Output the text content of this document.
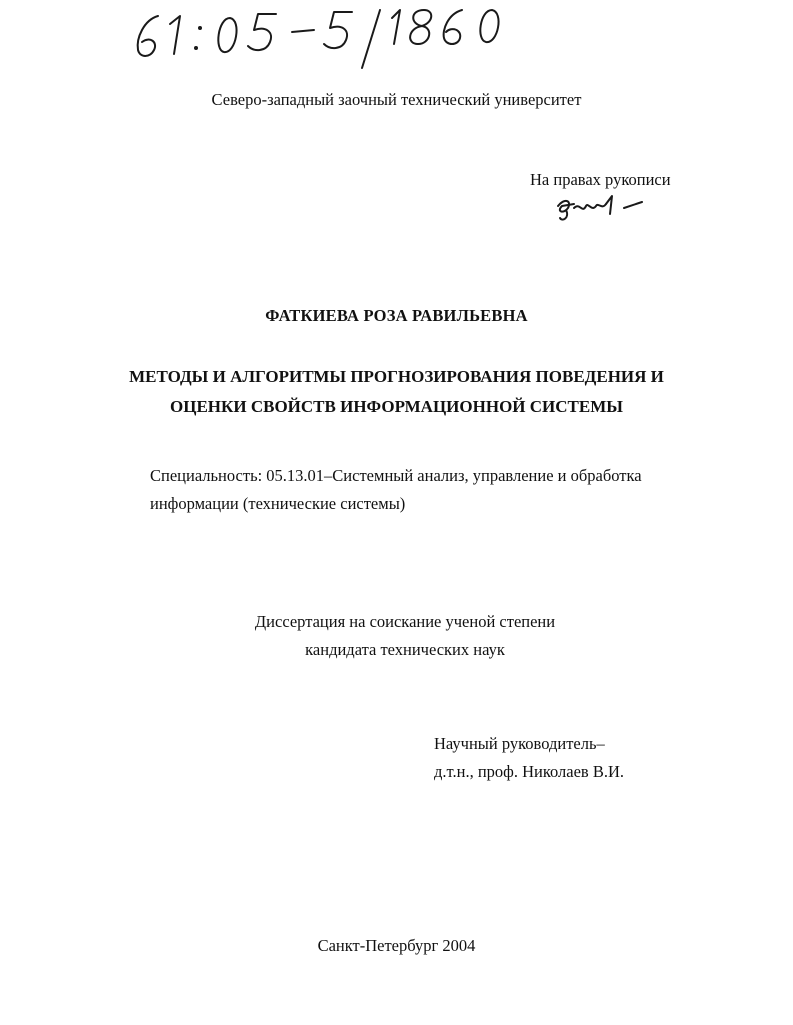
Северо-западный заочный технический университет
На правах рукописи
ФАТКИЕВА РОЗА РАВИЛЬЕВНА
МЕТОДЫ И АЛГОРИТМЫ ПРОГНОЗИРОВАНИЯ ПОВЕДЕНИЯ И
ОЦЕНКИ СВОЙСТВ ИНФОРМАЦИОННОЙ СИСТЕМЫ
Специальность: 05.13.01–Системный анализ, управление и обработка
информации (технические системы)
Диссертация на соискание ученой степени
кандидата технических наук
Научный руководитель–
д.т.н., проф. Николаев В.И.
Санкт-Петербург 2004
